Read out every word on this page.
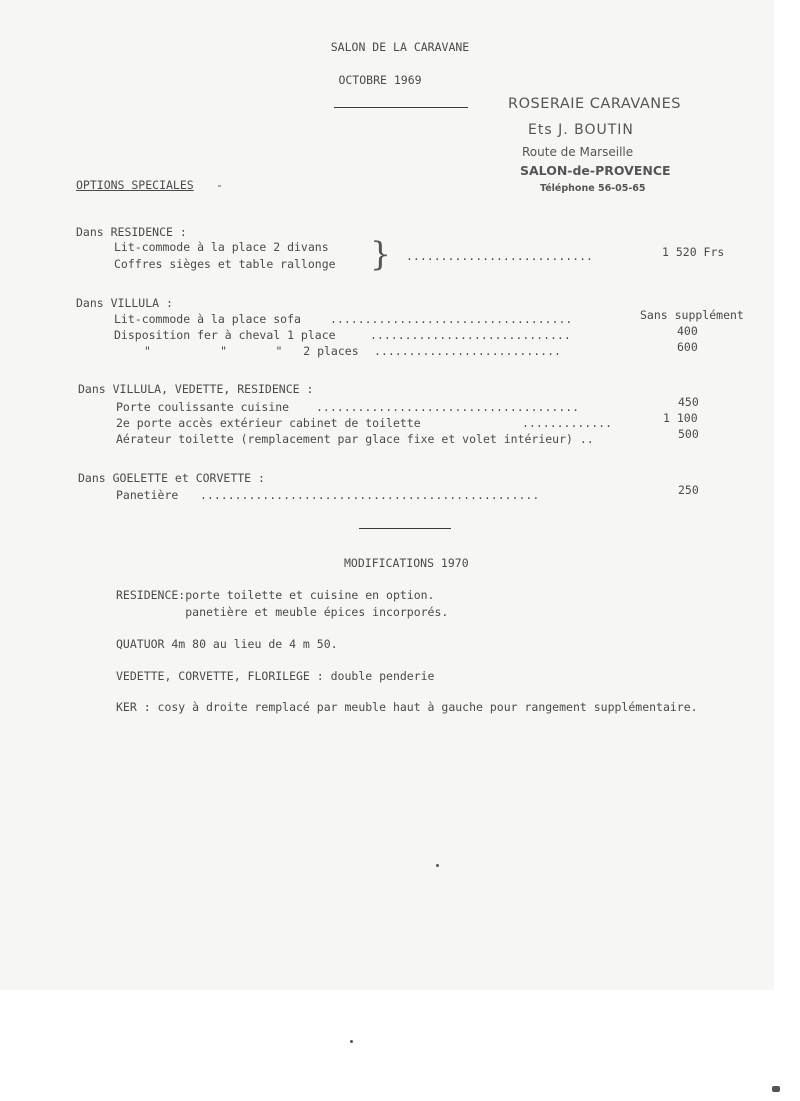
SALON DE LA CARAVANE
OCTOBRE 1969
ROSERAIE CARAVANES
Ets J. BOUTIN
Route de Marseille
SALON-de-PROVENCE
Téléphone 56-05-65
OPTIONS SPECIALES -
Dans RESIDENCE :
Lit-commode à la place 2 divans
Coffres sièges et table rallonge } ...........................	1 520 Frs
Dans VILLULA :
Lit-commode à la place sofa	...................................	Sans supplément
Disposition fer à cheval 1 place	.............................	400
"          "       "   2 places ...........................	600
Dans VILLULA, VEDETTE, RESIDENCE :
Porte coulissante cuisine ......................................	450
2e porte accès extérieur cabinet de toilette	.............	1 100
Aérateur toilette (remplacement par glace fixe et volet intérieur) ..	500
Dans GOELETTE et CORVETTE :
Panetière .................................................	250
MODIFICATIONS 1970
RESIDENCE:porte toilette et cuisine en option.
panetière et meuble épices incorporés.
QUATUOR 4m 80 au lieu de 4 m 50.
VEDETTE, CORVETTE, FLORILEGE : double penderie
KER : cosy à droite remplacé par meuble haut à gauche pour rangement supplémentaire.
